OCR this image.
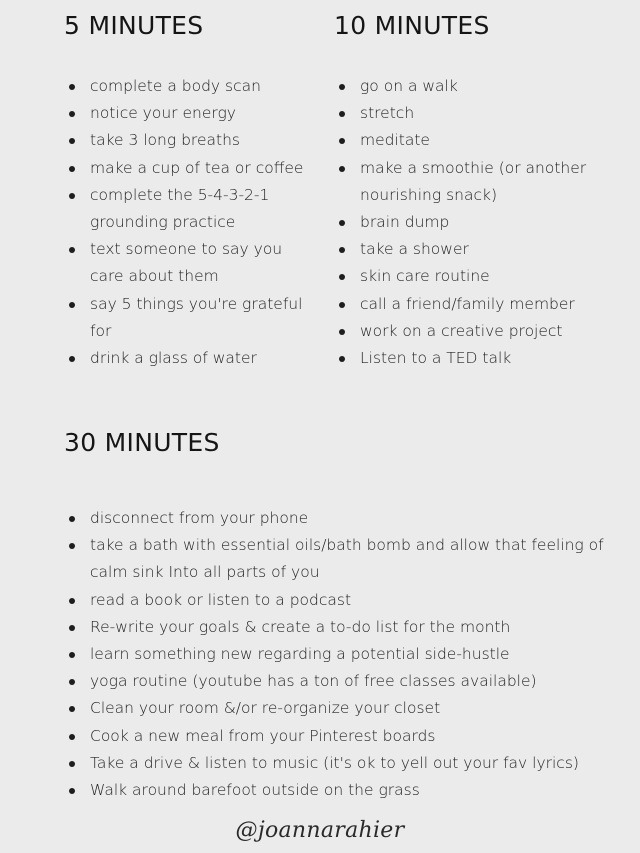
5 MINUTES
complete a body scan
notice your energy
take 3 long breaths
make a cup of tea or coffee
complete the 5-4-3-2-1 grounding practice
text someone to say you care about them
say 5 things you're grateful for
drink a glass of water
10 MINUTES
go on a walk
stretch
meditate
make a smoothie (or another nourishing snack)
brain dump
take a shower
skin care routine
call a friend/family member
work on a creative project
Listen to a TED talk
30 MINUTES
disconnect from your phone
take a bath with essential oils/bath bomb and allow that feeling of calm sink Into all parts of you
read a book or listen to a podcast
Re-write your goals & create a to-do list for the month
learn something new regarding a potential side-hustle
yoga routine (youtube has a ton of free classes available)
Clean your room &/or re-organize your closet
Cook a new meal from your Pinterest boards
Take a drive & listen to music (it's ok to yell out your fav lyrics)
Walk around barefoot outside on the grass
@joannarahier
